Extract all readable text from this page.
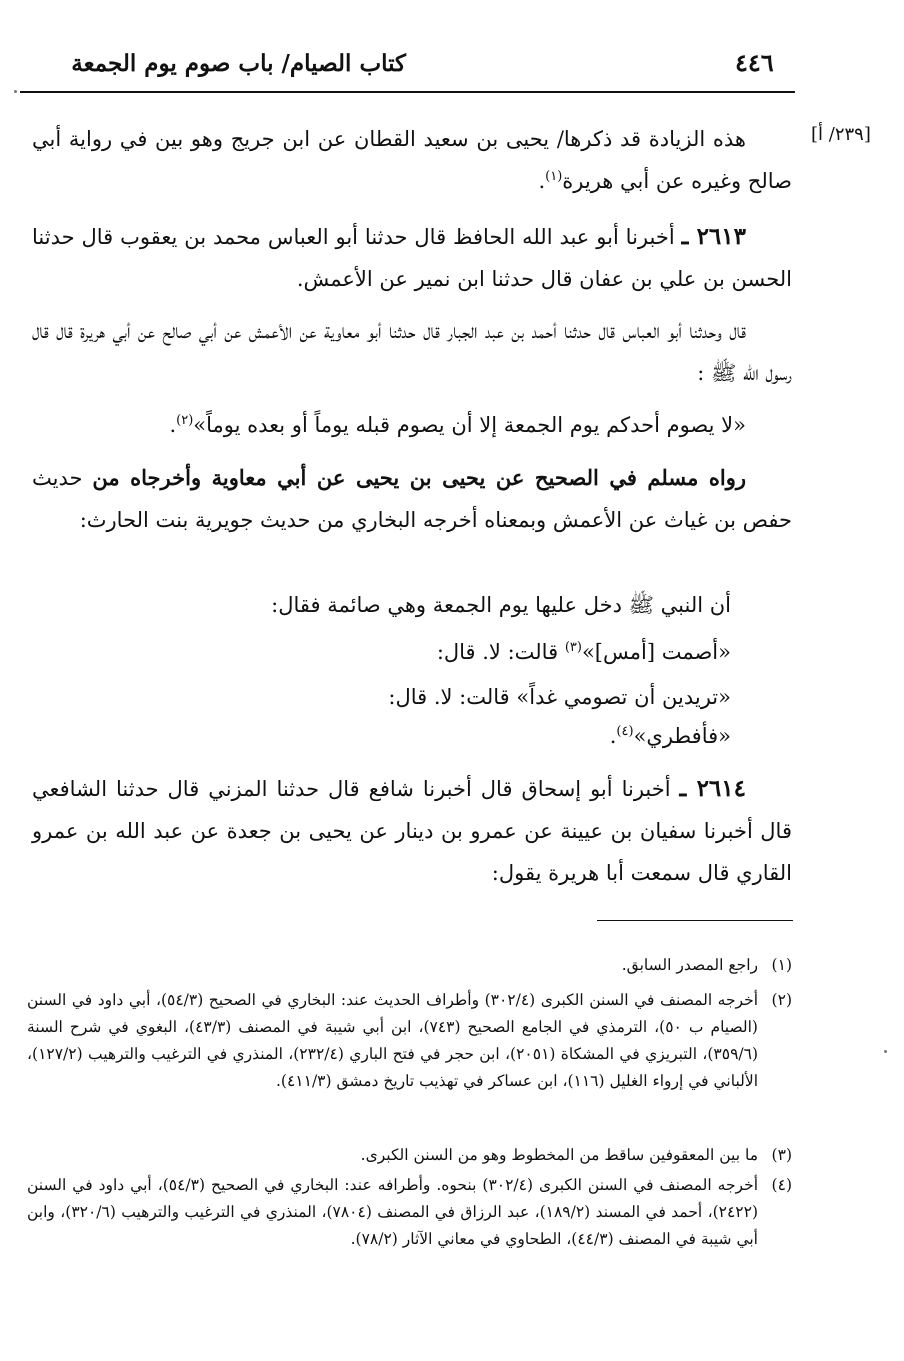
كتاب الصيام/ باب صوم يوم الجمعة	٤٤٦
[٢٣٩/ أ]

هذه الزيادة قد ذكرها/ يحيى بن سعيد القطان عن ابن جريج وهو بين في رواية أبي صالح وغيره عن أبي هريرة$^{(١)}$.

٢٦١٣ ـ أخبرنا أبو عبد الله الحافظ قال حدثنا أبو العباس محمد بن يعقوب قال حدثنا الحسن بن علي بن عفان قال حدثنا ابن نمير عن الأعمش.

قال وحدثنا أبو العباس قال حدثنا أحمد بن عبد الجبار قال حدثنا أبو معاوية عن الأعمش عن أبي صالح عن أبي هريرة قال قال رسول الله ﷺ :

«لا يصوم أحدكم يوم الجمعة إلا أن يصوم قبله يوماً أو بعده يوماً»$^{(٢)}$.

رواه مسلم في الصحيح عن يحيى بن يحيى عن أبي معاوية وأخرجاه من حديث حفص بن غياث عن الأعمش وبمعناه أخرجه البخاري من حديث جويرية بنت الحارث:

أن النبي ﷺ دخل عليها يوم الجمعة وهي صائمة فقال:
«أصمت [أمس]»$^{(٣)}$ قالت: لا. قال:
«تريدين أن تصومي غداً» قالت: لا. قال:
«فأفطري»$^{(٤)}$.

٢٦١٤ ـ أخبرنا أبو إسحاق قال أخبرنا شافع قال حدثنا المزني قال حدثنا الشافعي قال أخبرنا سفيان بن عيينة عن عمرو بن دينار عن يحيى بن جعدة عن عبد الله بن عمرو القاري قال سمعت أبا هريرة يقول:

(١)
راجع المصدر السابق.
(٢)
أخرجه المصنف في السنن الكبرى (٣٠٢/٤) وأطراف الحديث عند: البخاري في الصحيح (٥٤/٣)، أبي داود في السنن (الصيام ب ٥٠)، الترمذي في الجامع الصحيح (٧٤٣)، ابن أبي شيبة في المصنف (٤٣/٣)، البغوي في شرح السنة (٣٥٩/٦)، التبريزي في المشكاة (٢٠٥١)، ابن حجر في فتح الباري (٢٣٢/٤)، المنذري في الترغيب والترهيب (١٢٧/٢)، الألباني في إرواء الغليل (١١٦)، ابن عساكر في تهذيب تاريخ دمشق (٤١١/٣).
(٣)
ما بين المعقوفين ساقط من المخطوط وهو من السنن الكبرى.
(٤)
أخرجه المصنف في السنن الكبرى (٣٠٢/٤) بنحوه. وأطرافه عند: البخاري في الصحيح (٥٤/٣)، أبي داود في السنن (٢٤٢٢)، أحمد في المسند (١٨٩/٢)، عبد الرزاق في المصنف (٧٨٠٤)، المنذري في الترغيب والترهيب (٣٢٠/٦)، وابن أبي شيبة في المصنف (٤٤/٣)، الطحاوي في معاني الآثار (٧٨/٢).
